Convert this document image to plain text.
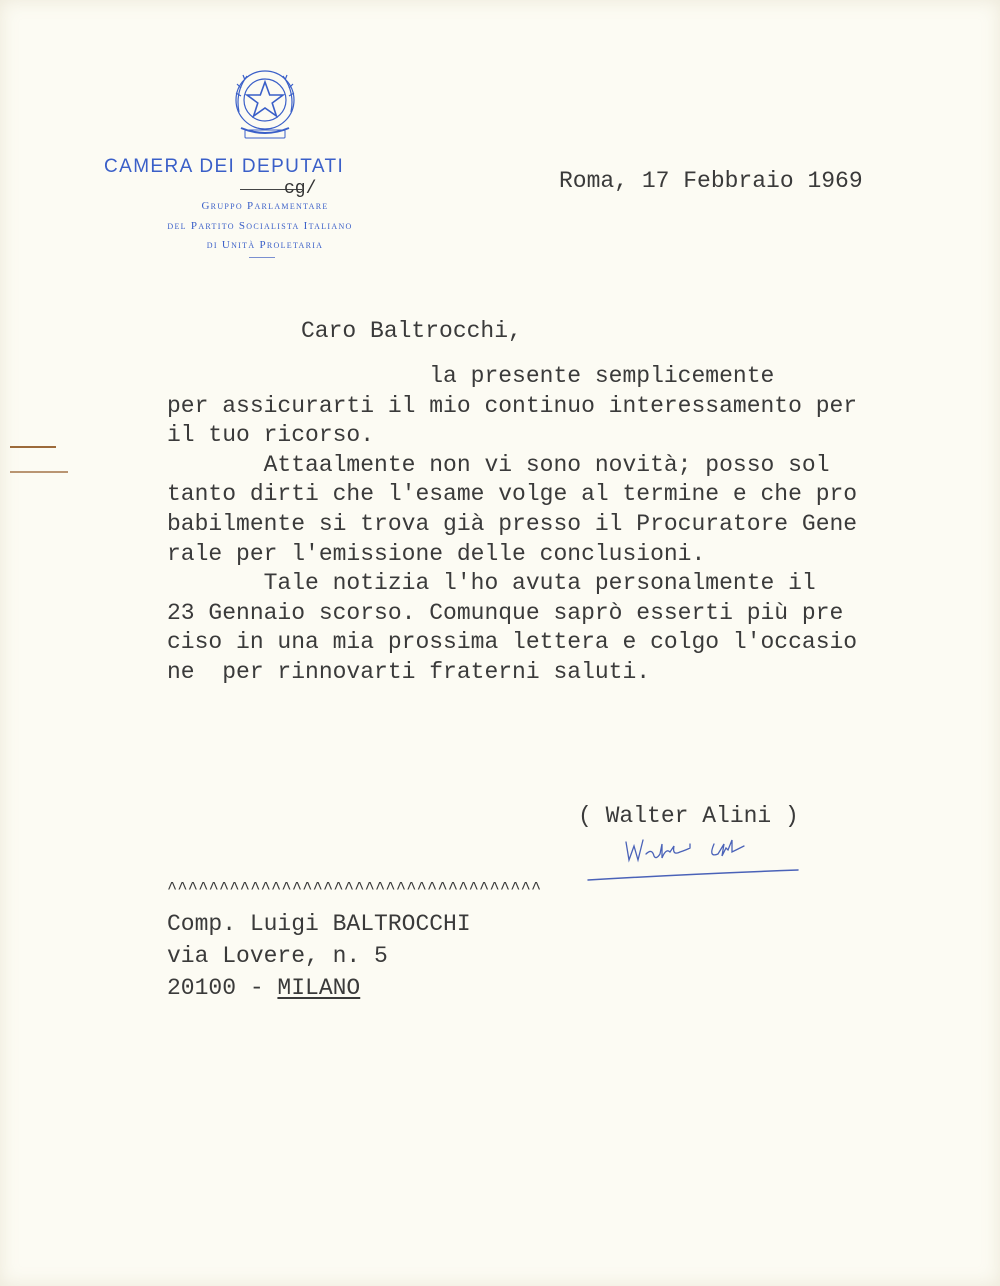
CAMERA DEI DEPUTATI
cg/
Gruppo Parlamentare
del Partito Socialista Italiano
di Unità Proletaria
Roma, 17 Febbraio 1969
Caro Baltrocchi,
la presente semplicemente
per assicurarti il mio continuo interessamento per
il tuo ricorso.
Attaalmente non vi sono novità; posso sol
tanto dirti che l'esame volge al termine e che pro
babilmente si trova già presso il Procuratore Gene
rale per l'emissione delle conclusioni.
Tale notizia l'ho avuta personalmente il
23 Gennaio scorso. Comunque saprò esserti più pre
ciso in una mia prossima lettera e colgo l'occasio
ne  per rinnovarti fraterni saluti.
( Walter Alini )
^^^^^^^^^^^^^^^^^^^^^^^^^^^^^^^^^^^^
Comp. Luigi BALTROCCHI
via Lovere, n. 5
20100 - MILANO
